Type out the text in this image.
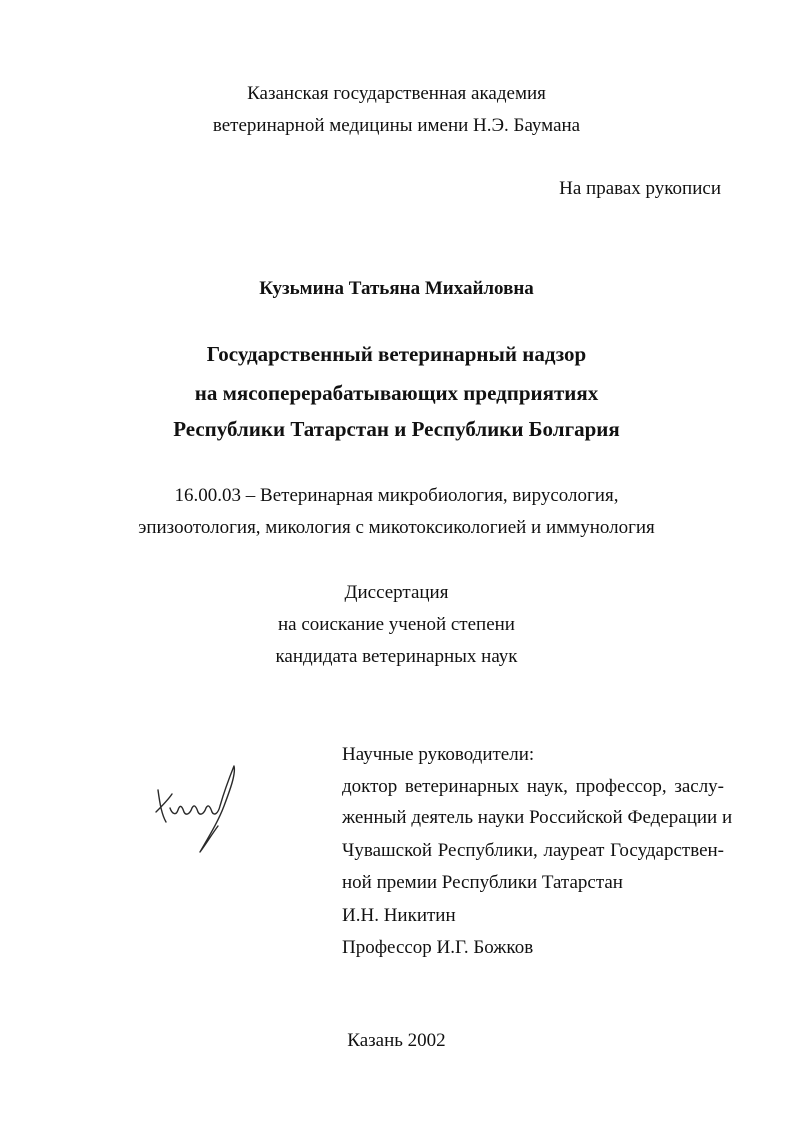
Казанская государственная академия
ветеринарной медицины имени Н.Э. Баумана
На правах рукописи
Кузьмина Татьяна Михайловна
Государственный ветеринарный надзор
на мясоперерабатывающих предприятиях
Республики Татарстан и Республики Болгария
16.00.03 – Ветеринарная микробиология, вирусология,
эпизоотология, микология с микотоксикологией и иммунология
Диссертация
на соискание ученой степени
кандидата ветеринарных наук
Научные руководители:
доктор ветеринарных наук, профессор, заслу-
женный деятель науки Российской Федерации и
Чувашской Республики, лауреат Государствен-
ной премии Республики Татарстан
И.Н. Никитин
Профессор И.Г. Божков
Казань 2002
